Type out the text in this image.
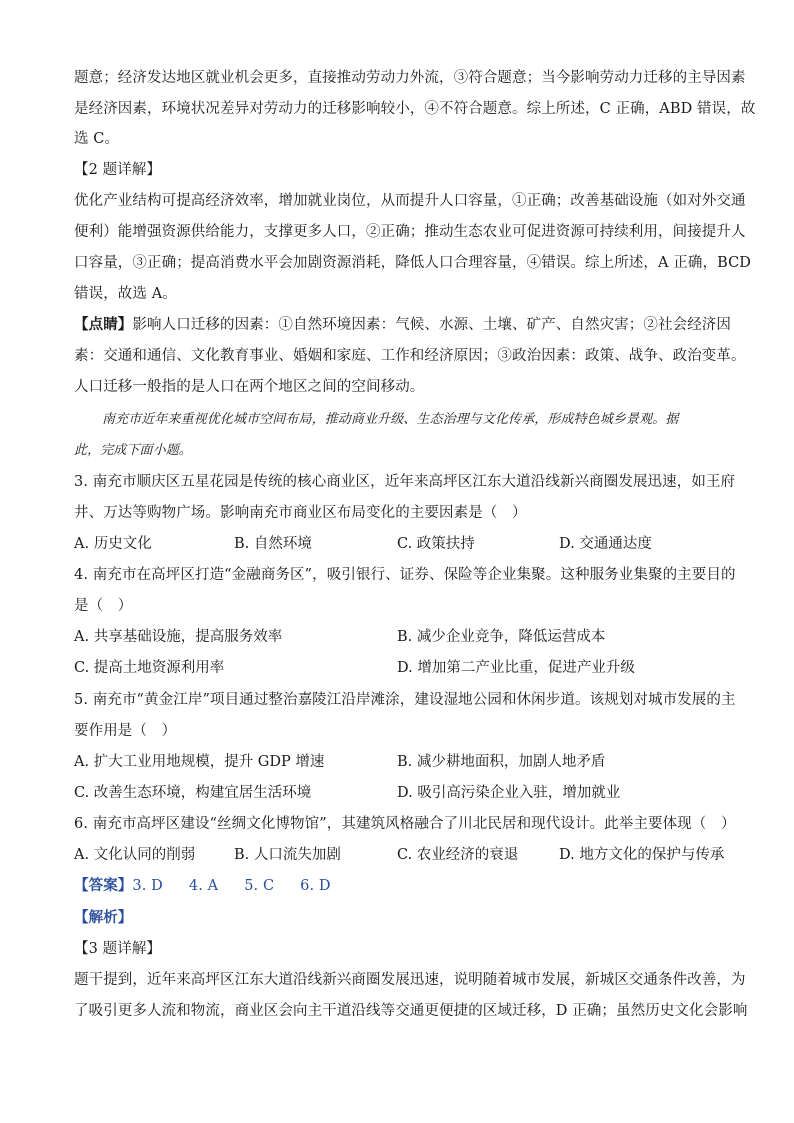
题意；经济发达地区就业机会更多，直接推动劳动力外流，③符合题意；当今影响劳动力迁移的主导因素
是经济因素，环境状况差异对劳动力的迁移影响较小，④不符合题意。综上所述，C 正确，ABD 错误，故
选 C。
【2 题详解】
优化产业结构可提高经济效率，增加就业岗位，从而提升人口容量，①正确；改善基础设施（如对外交通
便利）能增强资源供给能力，支撑更多人口，②正确；推动生态农业可促进资源可持续利用，间接提升人
口容量，③正确；提高消费水平会加剧资源消耗，降低人口合理容量，④错误。综上所述，A 正确，BCD
错误，故选 A。
【点睛】影响人口迁移的因素：①自然环境因素：气候、水源、土壤、矿产、自然灾害；②社会经济因
素：交通和通信、文化教育事业、婚姻和家庭、工作和经济原因；③政治因素：政策、战争、政治变革。
人口迁移一般指的是人口在两个地区之间的空间移动。
南充市近年来重视优化城市空间布局，推动商业升级、生态治理与文化传承，形成特色城乡景观。据
此，完成下面小题。
3. 南充市顺庆区五星花园是传统的核心商业区，近年来高坪区江东大道沿线新兴商圈发展迅速，如王府
井、万达等购物广场。影响南充市商业区布局变化的主要因素是（　）
A. 历史文化	B. 自然环境	C. 政策扶持	D. 交通通达度
4. 南充市在高坪区打造“金融商务区”，吸引银行、证券、保险等企业集聚。这种服务业集聚的主要目的
是（　）
A. 共享基础设施，提高服务效率	B. 减少企业竞争，降低运营成本
C. 提高土地资源利用率	D. 增加第二产业比重，促进产业升级
5. 南充市“黄金江岸”项目通过整治嘉陵江沿岸滩涂，建设湿地公园和休闲步道。该规划对城市发展的主
要作用是（　）
A. 扩大工业用地规模，提升 GDP 增速	B. 减少耕地面积，加剧人地矛盾
C. 改善生态环境，构建宜居生活环境	D. 吸引高污染企业入驻，增加就业
6. 南充市高坪区建设“丝绸文化博物馆”，其建筑风格融合了川北民居和现代设计。此举主要体现（　）
A. 文化认同的削弱	B. 人口流失加剧	C. 农业经济的衰退	D. 地方文化的保护与传承
【答案】3. D 4. A 5. C 6. D
【解析】
【3 题详解】
题干提到，近年来高坪区江东大道沿线新兴商圈发展迅速，说明随着城市发展，新城区交通条件改善，为
了吸引更多人流和物流，商业区会向主干道沿线等交通更便捷的区域迁移，D 正确；虽然历史文化会影响
